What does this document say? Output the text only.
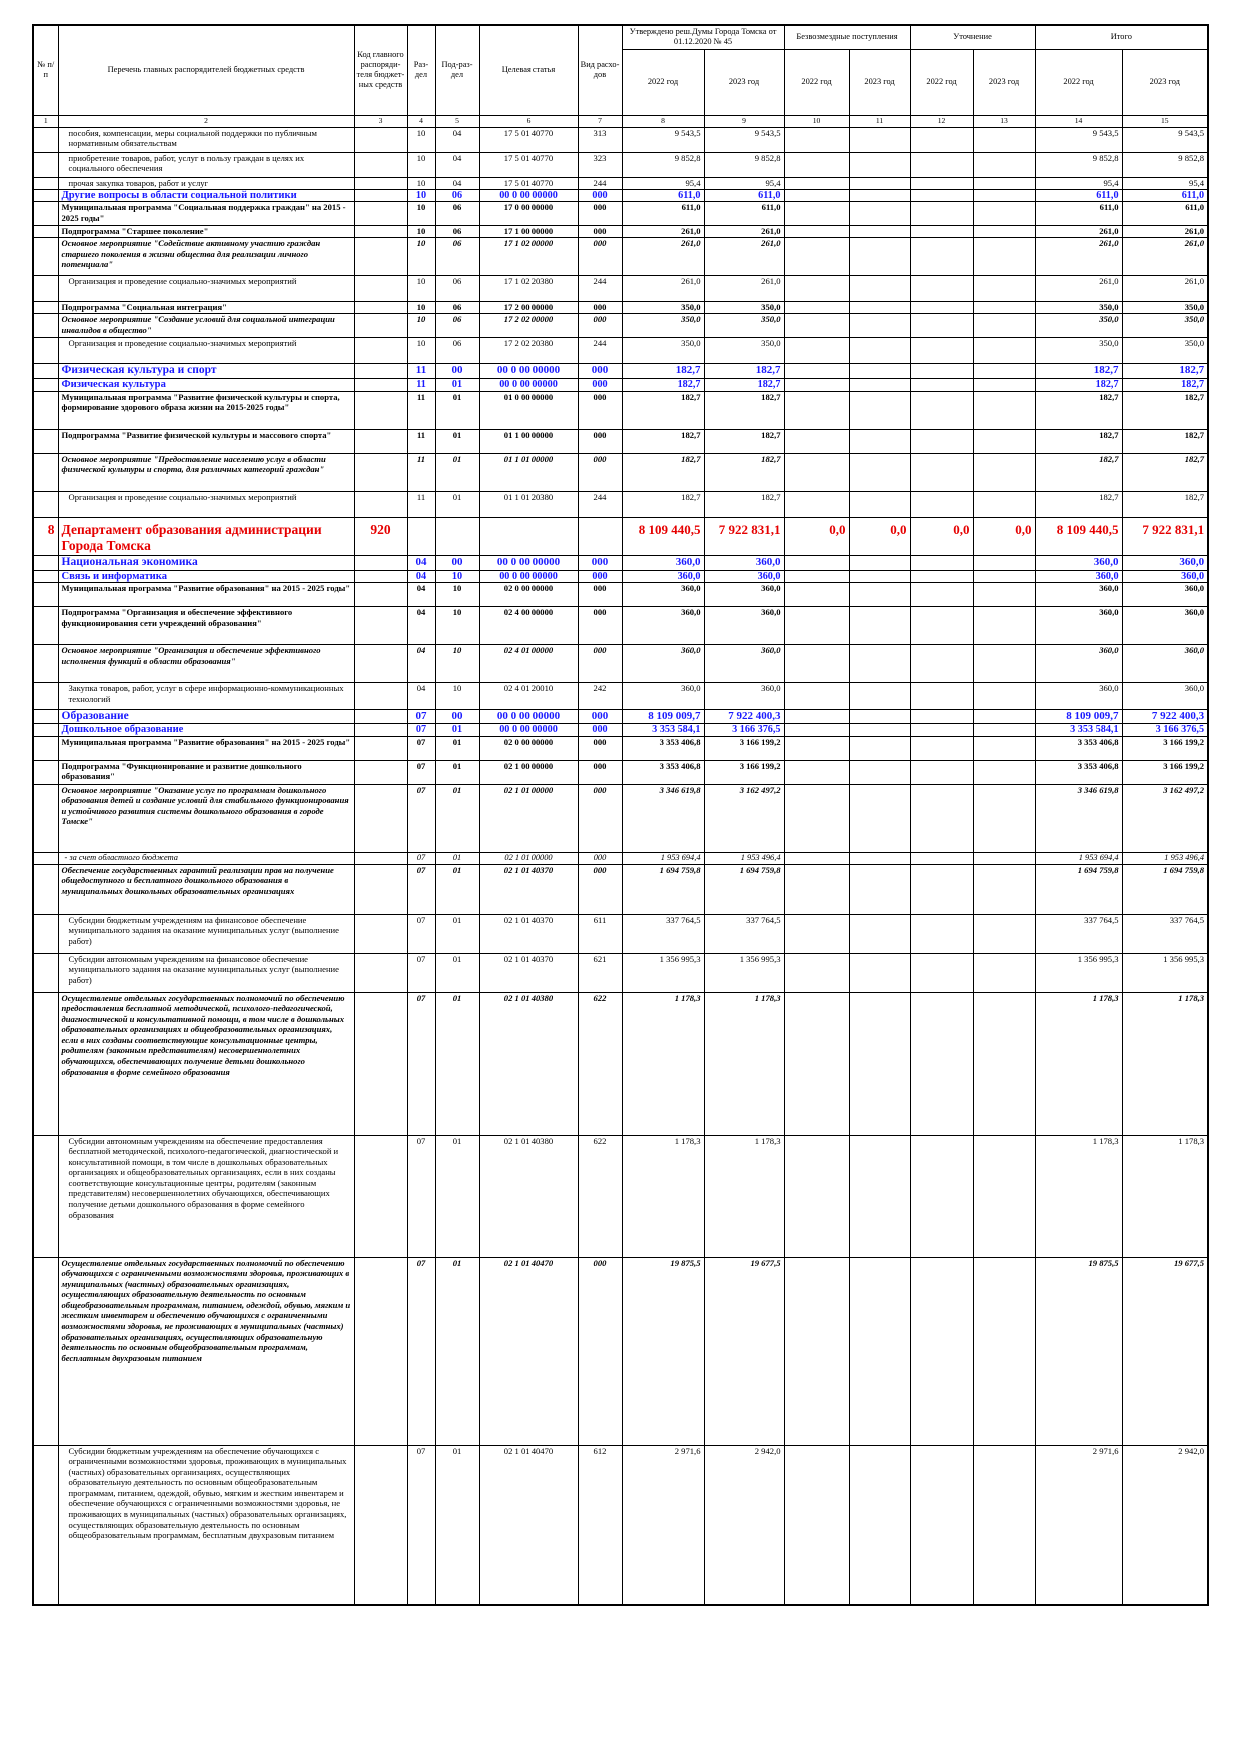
№ п/п	Перечень главных распорядителей бюджетных средств	Код главного распоряди-теля бюджет-ных средств	Раз-дел	Под-раз-дел	Целевая статья	Вид расхо-дов	Утверждено реш.Думы Города Томска от 01.12.2020 № 45		Безвозмездные поступления		Уточнение		Итого	
							2022 год	2023 год	2022 год	2023 год	2022 год	2023 год	2022 год	2023 год
1	2	3	4	5	6	7	8	9	10	11	12	13	14	15
	пособия, компенсации, меры социальной поддержки по публичным нормативным обязательствам		10	04	17 5 01 40770	313	9 543,5	9 543,5					9 543,5	9 543,5
	приобретение товаров, работ, услуг в пользу граждан в целях их социального обеспечения		10	04	17 5 01 40770	323	9 852,8	9 852,8					9 852,8	9 852,8
	прочая закупка товаров, работ и услуг		10	04	17 5 01 40770	244	95,4	95,4					95,4	95,4
	Другие вопросы в области социальной политики		10	06	00 0 00 00000	000	611,0	611,0					611,0	611,0
	Муниципальная программа "Социальная поддержка граждан" на 2015 - 2025 годы"		10	06	17 0 00 00000	000	611,0	611,0					611,0	611,0
	Подпрограмма "Старшее поколение"		10	06	17 1 00 00000	000	261,0	261,0					261,0	261,0
	Основное мероприятие "Содействие активному участию граждан старшего поколения в жизни общества для реализации личного потенциала"		10	06	17 1 02 00000	000	261,0	261,0					261,0	261,0
	Организация и проведение социально-значимых мероприятий		10	06	17 1 02 20380	244	261,0	261,0					261,0	261,0
	Подпрограмма "Социальная интеграция"		10	06	17 2 00 00000	000	350,0	350,0					350,0	350,0
	Основное мероприятие "Создание условий для социальной интеграции инвалидов в общество"		10	06	17 2 02 00000	000	350,0	350,0					350,0	350,0
	Организация и проведение социально-значимых мероприятий		10	06	17 2 02 20380	244	350,0	350,0					350,0	350,0
	Физическая культура и спорт		11	00	00 0 00 00000	000	182,7	182,7					182,7	182,7
	Физическая культура		11	01	00 0 00 00000	000	182,7	182,7					182,7	182,7
	Муниципальная программа "Развитие физической культуры и спорта, формирование здорового образа жизни на 2015-2025 годы"		11	01	01 0 00 00000	000	182,7	182,7					182,7	182,7
	Подпрограмма "Развитие физической культуры и массового спорта"		11	01	01 1 00 00000	000	182,7	182,7					182,7	182,7
	Основное мероприятие "Предоставление населению услуг в области физической культуры и спорта, для различных категорий граждан"		11	01	01 1 01 00000	000	182,7	182,7					182,7	182,7
	Организация и проведение социально-значимых мероприятий		11	01	01 1 01 20380	244	182,7	182,7					182,7	182,7
8	Департамент образования администрации Города Томска	920					8 109 440,5	7 922 831,1	0,0	0,0	0,0	0,0	8 109 440,5	7 922 831,1
	Национальная экономика		04	00	00 0 00 00000	000	360,0	360,0					360,0	360,0
	Связь и информатика		04	10	00 0 00 00000	000	360,0	360,0					360,0	360,0
	Муниципальная программа "Развитие образования" на 2015 - 2025 годы"		04	10	02 0 00 00000	000	360,0	360,0					360,0	360,0
	Подпрограмма "Организация и обеспечение эффективного функционирования сети учреждений образования"		04	10	02 4 00 00000	000	360,0	360,0					360,0	360,0
	Основное мероприятие "Организация и обеспечение эффективного исполнения функций в области образования"		04	10	02 4 01 00000	000	360,0	360,0					360,0	360,0
	Закупка товаров, работ, услуг в сфере информационно-коммуникационных технологий		04	10	02 4 01 20010	242	360,0	360,0					360,0	360,0
	Образование		07	00	00 0 00 00000	000	8 109 009,7	7 922 400,3					8 109 009,7	7 922 400,3
	Дошкольное образование		07	01	00 0 00 00000	000	3 353 584,1	3 166 376,5					3 353 584,1	3 166 376,5
	Муниципальная программа "Развитие образования" на 2015 - 2025 годы"		07	01	02 0 00 00000	000	3 353 406,8	3 166 199,2					3 353 406,8	3 166 199,2
	Подпрограмма "Функционирование и развитие дошкольного образования"		07	01	02 1 00 00000	000	3 353 406,8	3 166 199,2					3 353 406,8	3 166 199,2
	Основное мероприятие "Оказание услуг по программам дошкольного образования детей и создание условий для стабильного функционирования и устойчивого развития системы дошкольного образования в городе Томске"		07	01	02 1 01 00000	000	3 346 619,8	3 162 497,2					3 346 619,8	3 162 497,2
	- за счет областного бюджета		07	01	02 1 01 00000	000	1 953 694,4	1 953 496,4					1 953 694,4	1 953 496,4
	Обеспечение государственных гарантий реализации прав на получение общедоступного и бесплатного дошкольного образования в муниципальных дошкольных образовательных организациях		07	01	02 1 01 40370	000	1 694 759,8	1 694 759,8					1 694 759,8	1 694 759,8
	Субсидии бюджетным учреждениям на финансовое обеспечение муниципального задания на оказание муниципальных услуг (выполнение работ)		07	01	02 1 01 40370	611	337 764,5	337 764,5					337 764,5	337 764,5
	Субсидии автономным учреждениям на финансовое обеспечение муниципального задания на оказание муниципальных услуг (выполнение работ)		07	01	02 1 01 40370	621	1 356 995,3	1 356 995,3					1 356 995,3	1 356 995,3
	Осуществление отдельных государственных полномочий по обеспечению предоставления бесплатной методической, психолого-педагогической, диагностической и консультативной помощи, в том числе в дошкольных образовательных организациях и общеобразовательных организациях, если в них созданы соответствующие консультационные центры, родителям (законным представителям) несовершеннолетних обучающихся, обеспечивающих получение детьми дошкольного образования в форме семейного образования		07	01	02 1 01 40380	622	1 178,3	1 178,3					1 178,3	1 178,3
	Субсидии автономным учреждениям на обеспечение предоставления бесплатной методической, психолого-педагогической, диагностической и консультативной помощи, в том числе в дошкольных образовательных организациях и общеобразовательных организациях, если в них созданы соответствующие консультационные центры, родителям (законным представителям) несовершеннолетних обучающихся, обеспечивающих получение детьми дошкольного образования в форме семейного образования		07	01	02 1 01 40380	622	1 178,3	1 178,3					1 178,3	1 178,3
	Осуществление отдельных государственных полномочий по обеспечению обучающихся с ограниченными возможностями здоровья, проживающих в муниципальных (частных) образовательных организациях, осуществляющих образовательную деятельность по основным общеобразовательным программам, питанием, одеждой, обувью, мягким и жестким инвентарем и обеспечению обучающихся с ограниченными возможностями здоровья, не проживающих в муниципальных (частных) образовательных организациях, осуществляющих образовательную деятельность по основным общеобразовательным программам, бесплатным двухразовым питанием		07	01	02 1 01 40470	000	19 875,5	19 677,5					19 875,5	19 677,5
	Субсидии бюджетным учреждениям на обеспечение обучающихся с ограниченными возможностями здоровья, проживающих в муниципальных (частных) образовательных организациях, осуществляющих образовательную деятельность по основным общеобразовательным программам, питанием, одеждой, обувью, мягким и жестким инвентарем и обеспечение обучающихся с ограниченными возможностями здоровья, не проживающих в муниципальных (частных) образовательных организациях, осуществляющих образовательную деятельность по основным общеобразовательным программам, бесплатным двухразовым питанием		07	01	02 1 01 40470	612	2 971,6	2 942,0					2 971,6	2 942,0
